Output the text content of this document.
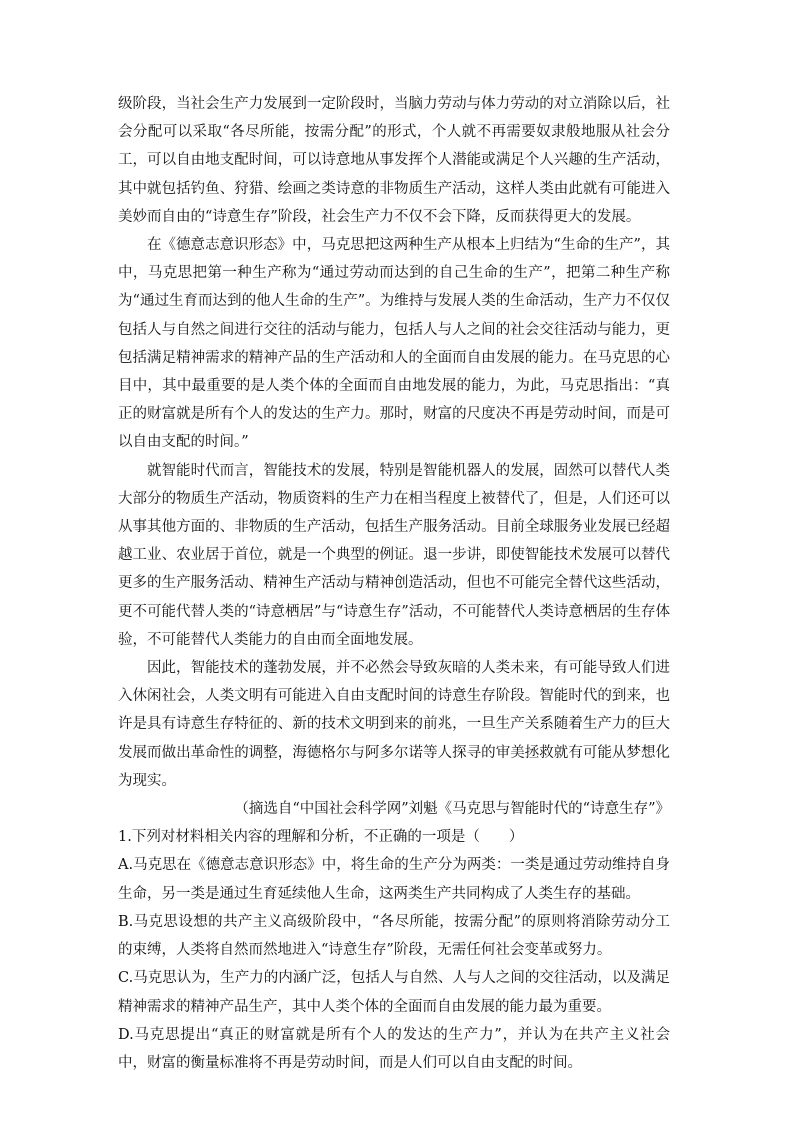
级阶段，当社会生产力发展到一定阶段时，当脑力劳动与体力劳动的对立消除以后，社会分配可以采取“各尽所能，按需分配”的形式，个人就不再需要奴隶般地服从社会分工，可以自由地支配时间，可以诗意地从事发挥个人潜能或满足个人兴趣的生产活动，其中就包括钓鱼、狩猎、绘画之类诗意的非物质生产活动，这样人类由此就有可能进入美妙而自由的“诗意生存”阶段，社会生产力不仅不会下降，反而获得更大的发展。

在《德意志意识形态》中，马克思把这两种生产从根本上归结为“生命的生产”，其中，马克思把第一种生产称为“通过劳动而达到的自己生命的生产”，把第二种生产称为“通过生育而达到的他人生命的生产”。为维持与发展人类的生命活动，生产力不仅仅包括人与自然之间进行交往的活动与能力，包括人与人之间的社会交往活动与能力，更包括满足精神需求的精神产品的生产活动和人的全面而自由发展的能力。在马克思的心目中，其中最重要的是人类个体的全面而自由地发展的能力，为此，马克思指出：“真正的财富就是所有个人的发达的生产力。那时，财富的尺度决不再是劳动时间，而是可以自由支配的时间。”

就智能时代而言，智能技术的发展，特别是智能机器人的发展，固然可以替代人类大部分的物质生产活动，物质资料的生产力在相当程度上被替代了，但是，人们还可以从事其他方面的、非物质的生产活动，包括生产服务活动。目前全球服务业发展已经超越工业、农业居于首位，就是一个典型的例证。退一步讲，即使智能技术发展可以替代更多的生产服务活动、精神生产活动与精神创造活动，但也不可能完全替代这些活动，更不可能代替人类的“诗意栖居”与“诗意生存”活动，不可能替代人类诗意栖居的生存体验，不可能替代人类能力的自由而全面地发展。

因此，智能技术的蓬勃发展，并不必然会导致灰暗的人类未来，有可能导致人们进入休闲社会，人类文明有可能进入自由支配时间的诗意生存阶段。智能时代的到来，也许是具有诗意生存特征的、新的技术文明到来的前兆，一旦生产关系随着生产力的巨大发展而做出革命性的调整，海德格尔与阿多尔诺等人探寻的审美拯救就有可能从梦想化为现实。

（摘选自“中国社会科学网”刘魁《马克思与智能时代的“诗意生存”》

1.下列对材料相关内容的理解和分析，不正确的一项是（　　）

A.马克思在《德意志意识形态》中，将生命的生产分为两类：一类是通过劳动维持自身生命，另一类是通过生育延续他人生命，这两类生产共同构成了人类生存的基础。

B.马克思设想的共产主义高级阶段中，“各尽所能，按需分配”的原则将消除劳动分工的束缚，人类将自然而然地进入“诗意生存”阶段，无需任何社会变革或努力。

C.马克思认为，生产力的内涵广泛，包括人与自然、人与人之间的交往活动，以及满足精神需求的精神产品生产，其中人类个体的全面而自由发展的能力最为重要。

D.马克思提出“真正的财富就是所有个人的发达的生产力”，并认为在共产主义社会中，财富的衡量标准将不再是劳动时间，而是人们可以自由支配的时间。
